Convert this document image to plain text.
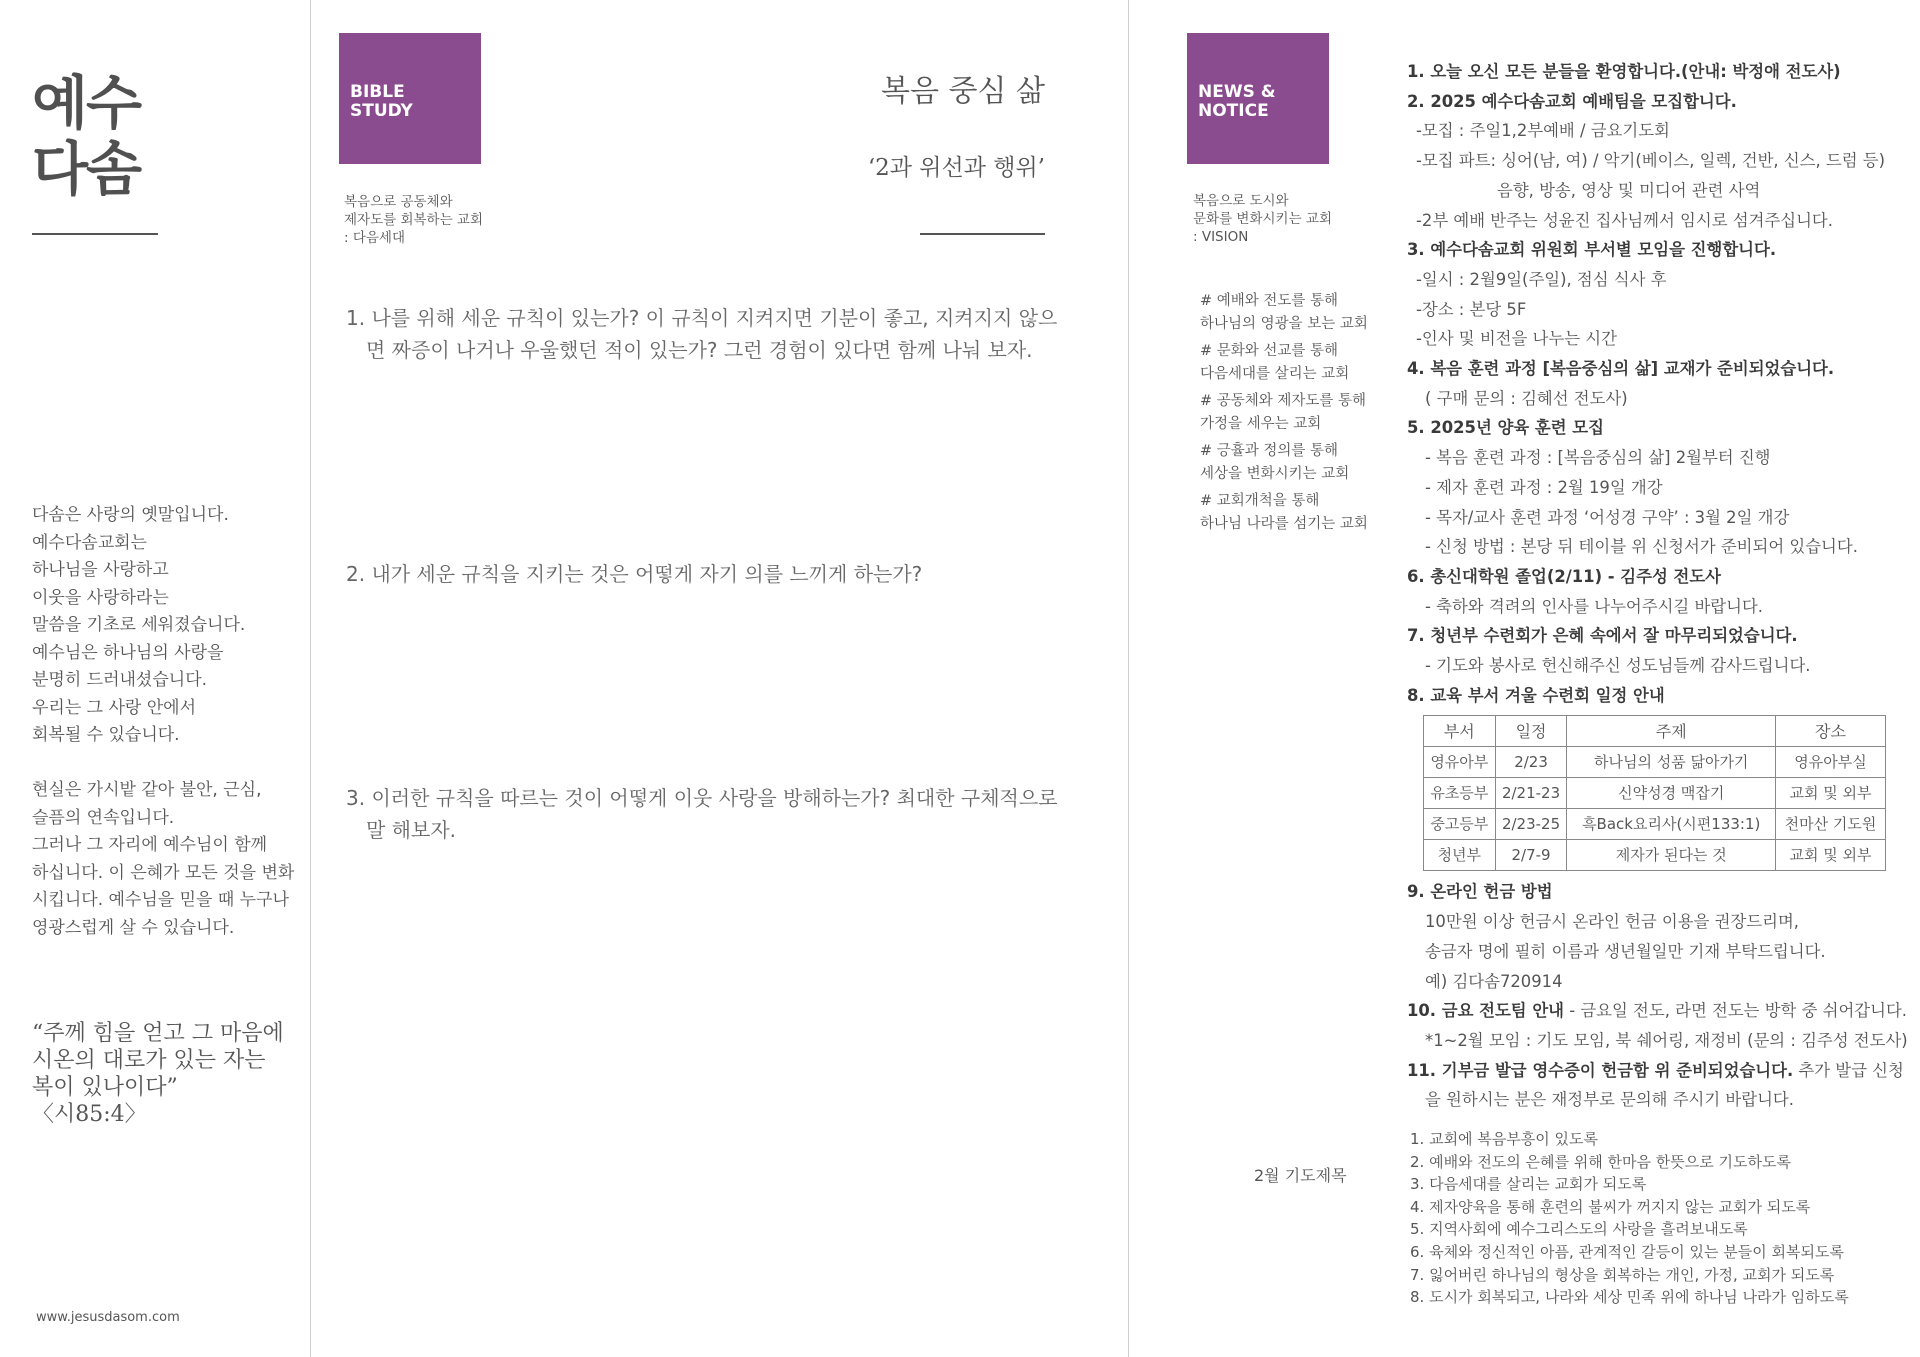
예수
다솜

다솜은 사랑의 옛말입니다.
예수다솜교회는
하나님을 사랑하고
이웃을 사랑하라는
말씀을 기초로 세워졌습니다.
예수님은 하나님의 사랑을
분명히 드러내셨습니다.
우리는 그 사랑 안에서
회복될 수 있습니다.

현실은 가시밭 같아 불안, 근심,
슬픔의 연속입니다.
그러나 그 자리에 예수님이 함께
하십니다. 이 은혜가 모든 것을 변화
시킵니다. 예수님을 믿을 때 누구나
영광스럽게 살 수 있습니다.

“주께 힘을 얻고 그 마음에
시온의 대로가 있는 자는
복이 있나이다”
〈시85:4〉
www.jesusdasom.com
BIBLE
STUDY
복음으로 공동체와
제자도를 회복하는 교회
: 다음세대
복음 중심 삶
‘2과 위선과 행위’
1. 나를 위해 세운 규칙이 있는가? 이 규칙이 지켜지면 기분이 좋고, 지켜지지 않으면 짜증이 나거나 우울했던 적이 있는가? 그런 경험이 있다면 함께 나눠 보자.
2. 내가 세운 규칙을 지키는 것은 어떻게 자기 의를 느끼게 하는가?
3. 이러한 규칙을 따르는 것이 어떻게 이웃 사랑을 방해하는가? 최대한 구체적으로 말 해보자.
NEWS &
NOTICE
복음으로 도시와
문화를 변화시키는 교회
: VISION
# 예배와 전도를 통해
하나님의 영광을 보는 교회
# 문화와 선교를 통해
다음세대를 살리는 교회
# 공동체와 제자도를 통해
가정을 세우는 교회
# 긍휼과 정의를 통해
세상을 변화시키는 교회
# 교회개척을 통해
하나님 나라를 섬기는 교회
1. 오늘 오신 모든 분들을 환영합니다.(안내: 박정애 전도사)
2. 2025 예수다솜교회 예배팀을 모집합니다.
-모집 : 주일1,2부예배 / 금요기도회
-모집 파트: 싱어(남, 여) / 악기(베이스, 일렉, 건반, 신스, 드럼 등)
음향, 방송, 영상 및 미디어 관련 사역
-2부 예배 반주는 성윤진 집사님께서 임시로 섬겨주십니다.
3. 예수다솜교회 위원회 부서별 모임을 진행합니다.
-일시 : 2월9일(주일), 점심 식사 후
-장소 : 본당 5F
-인사 및 비전을 나누는 시간
4. 복음 훈련 과정 [복음중심의 삶] 교재가 준비되었습니다.
( 구매 문의 : 김혜선 전도사)
5. 2025년 양육 훈련 모집
- 복음 훈련 과정 : [복음중심의 삶] 2월부터 진행
- 제자 훈련 과정 : 2월 19일 개강
- 목자/교사 훈련 과정 ‘어성경 구약’ : 3월 2일 개강
- 신청 방법 : 본당 뒤 테이블 위 신청서가 준비되어 있습니다.
6. 총신대학원 졸업(2/11) - 김주성 전도사
- 축하와 격려의 인사를 나누어주시길 바랍니다.
7. 청년부 수련회가 은혜 속에서 잘 마무리되었습니다.
- 기도와 봉사로 헌신해주신 성도님들께 감사드립니다.
8. 교육 부서 겨울 수련회 일정 안내
부서	일정	주제	장소
영유아부	2/23	하나님의 성품 닮아가기	영유아부실
유초등부	2/21-23	신약성경 맥잡기	교회 및 외부
중고등부	2/23-25	흑Back요리사(시편133:1)	천마산 기도원
청년부	2/7-9	제자가 된다는 것	교회 및 외부
9. 온라인 헌금 방법
10만원 이상 헌금시 온라인 헌금 이용을 권장드리며,
송금자 명에 필히 이름과 생년월일만 기재 부탁드립니다.
예) 김다솜720914
10. 금요 전도팀 안내 - 금요일 전도, 라면 전도는 방학 중 쉬어갑니다.
*1~2월 모임 : 기도 모임, 북 쉐어링, 재정비 (문의 : 김주성 전도사)
11. 기부금 발급 영수증이 헌금함 위 준비되었습니다. 추가 발급 신청
을 원하시는 분은 재정부로 문의해 주시기 바랍니다.
2월 기도제목
1. 교회에 복음부흥이 있도록
2. 예배와 전도의 은혜를 위해 한마음 한뜻으로 기도하도록
3. 다음세대를 살리는 교회가 되도록
4. 제자양육을 통해 훈련의 불씨가 꺼지지 않는 교회가 되도록
5. 지역사회에 예수그리스도의 사랑을 흘려보내도록
6. 육체와 정신적인 아픔, 관계적인 갈등이 있는 분들이 회복되도록
7. 잃어버린 하나님의 형상을 회복하는 개인, 가정, 교회가 되도록
8. 도시가 회복되고, 나라와 세상 민족 위에 하나님 나라가 임하도록
